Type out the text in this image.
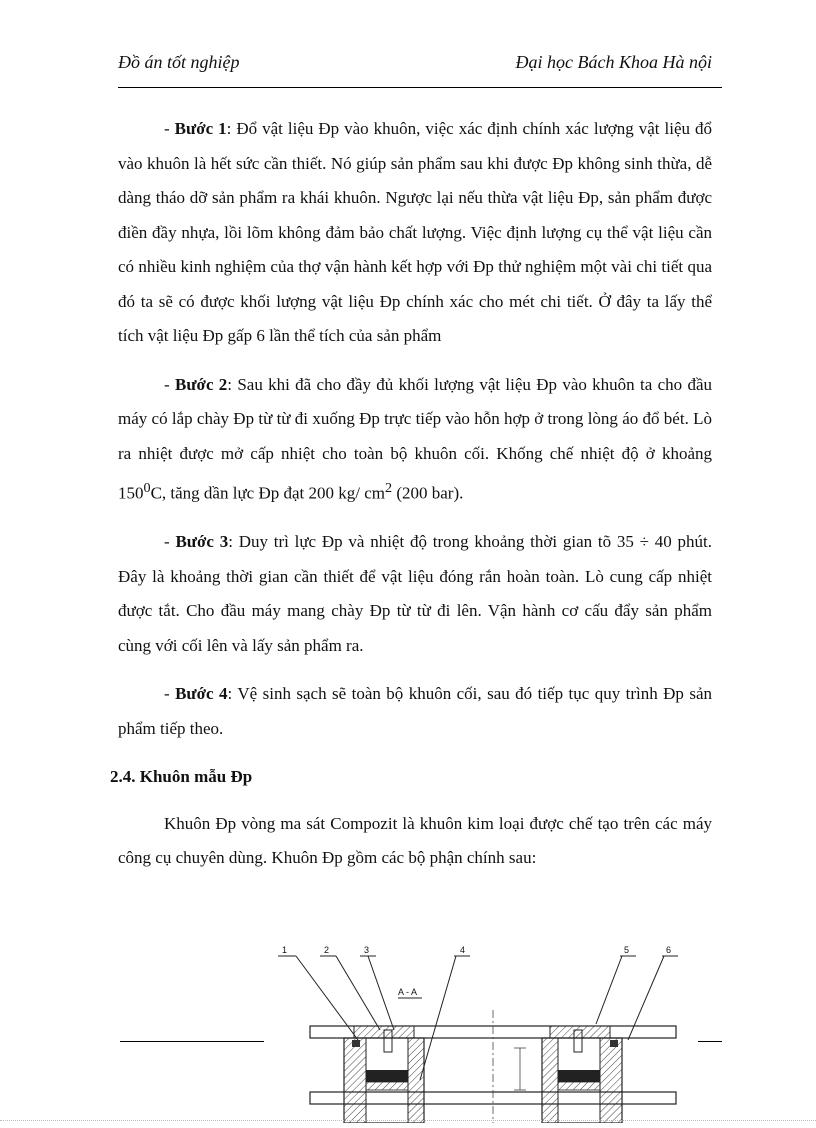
Đồ án tốt nghiệp	Đại học Bách Khoa Hà nội

- Bước 1: Đổ vật liệu Đp vào khuôn, việc xác định chính xác lượng vật liệu đổ vào khuôn là hết sức cần thiết. Nó giúp sản phẩm sau khi được Đp không sinh thừa, dễ dàng tháo dỡ sản phẩm ra khái khuôn. Ngược lại nếu thừa vật liệu Đp, sản phẩm được điền đầy nhựa, lồi lõm không đảm bảo chất lượng. Việc định lượng cụ thể vật liệu cần có nhiều kinh nghiệm của thợ vận hành kết hợp với Đp thử nghiệm một vài chi tiết qua đó ta sẽ có được khối lượng vật liệu Đp chính xác cho mét chi tiết. Ở đây ta lấy thể tích vật liệu Đp gấp 6 lần thể tích của sản phẩm

- Bước 2: Sau khi đã cho đầy đủ khối lượng vật liệu Đp vào khuôn ta cho đầu máy có lắp chày Đp từ từ đi xuống Đp trực tiếp vào hỗn hợp ở trong lòng áo đổ bét. Lò ra nhiệt được mở cấp nhiệt cho toàn bộ khuôn cối. Khống chế nhiệt độ ở khoảng $150^0C$, tăng dần lực Đp đạt 200 kg/ $cm^2$ (200 bar).

- Bước 3: Duy trì lực Đp và nhiệt độ trong khoảng thời gian tõ 35 ÷ 40 phút. Đây là khoảng thời gian cần thiết để vật liệu đóng rắn hoàn toàn. Lò cung cấp nhiệt được tắt. Cho đầu máy mang chày Đp từ từ đi lên. Vận hành cơ cấu đẩy sản phẩm cùng với cối lên và lấy sản phẩm ra.

- Bước 4: Vệ sinh sạch sẽ toàn bộ khuôn cối, sau đó tiếp tục quy trình Đp sản phẩm tiếp theo.

2.4. Khuôn mẫu Đp

Khuôn Đp vòng ma sát Compozit là khuôn kim loại được chế tạo trên các máy công cụ chuyên dùng. Khuôn Đp gồm các bộ phận chính sau:

1	2	3	4	5	6
A - A
